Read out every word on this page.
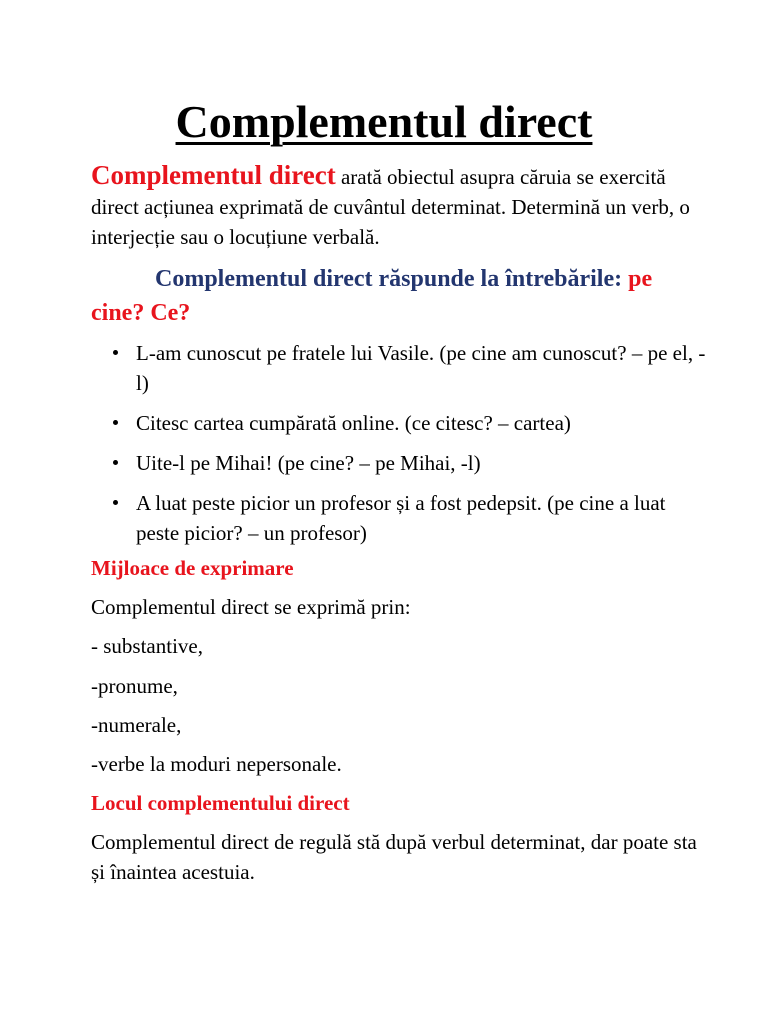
Complementul direct

Complementul direct arată obiectul asupra căruia se exercită direct acțiunea exprimată de cuvântul determinat. Determină un verb, o interjecție sau o locuțiune verbală.

Complementul direct răspunde la întrebările: pe cine? Ce?

L-am cunoscut pe fratele lui Vasile. (pe cine am cunoscut? – pe el, -l)
Citesc cartea cumpărată online. (ce citesc? – cartea)
Uite-l pe Mihai! (pe cine? – pe Mihai, -l)
A luat peste picior un profesor și a fost pedepsit. (pe cine a luat peste picior? – un profesor)
Mijloace de exprimare

Complementul direct se exprimă prin:

- substantive,

-pronume,

-numerale,

-verbe la moduri nepersonale.

Locul complementului direct

Complementul direct de regulă stă după verbul determinat, dar poate sta și înaintea acestuia.
